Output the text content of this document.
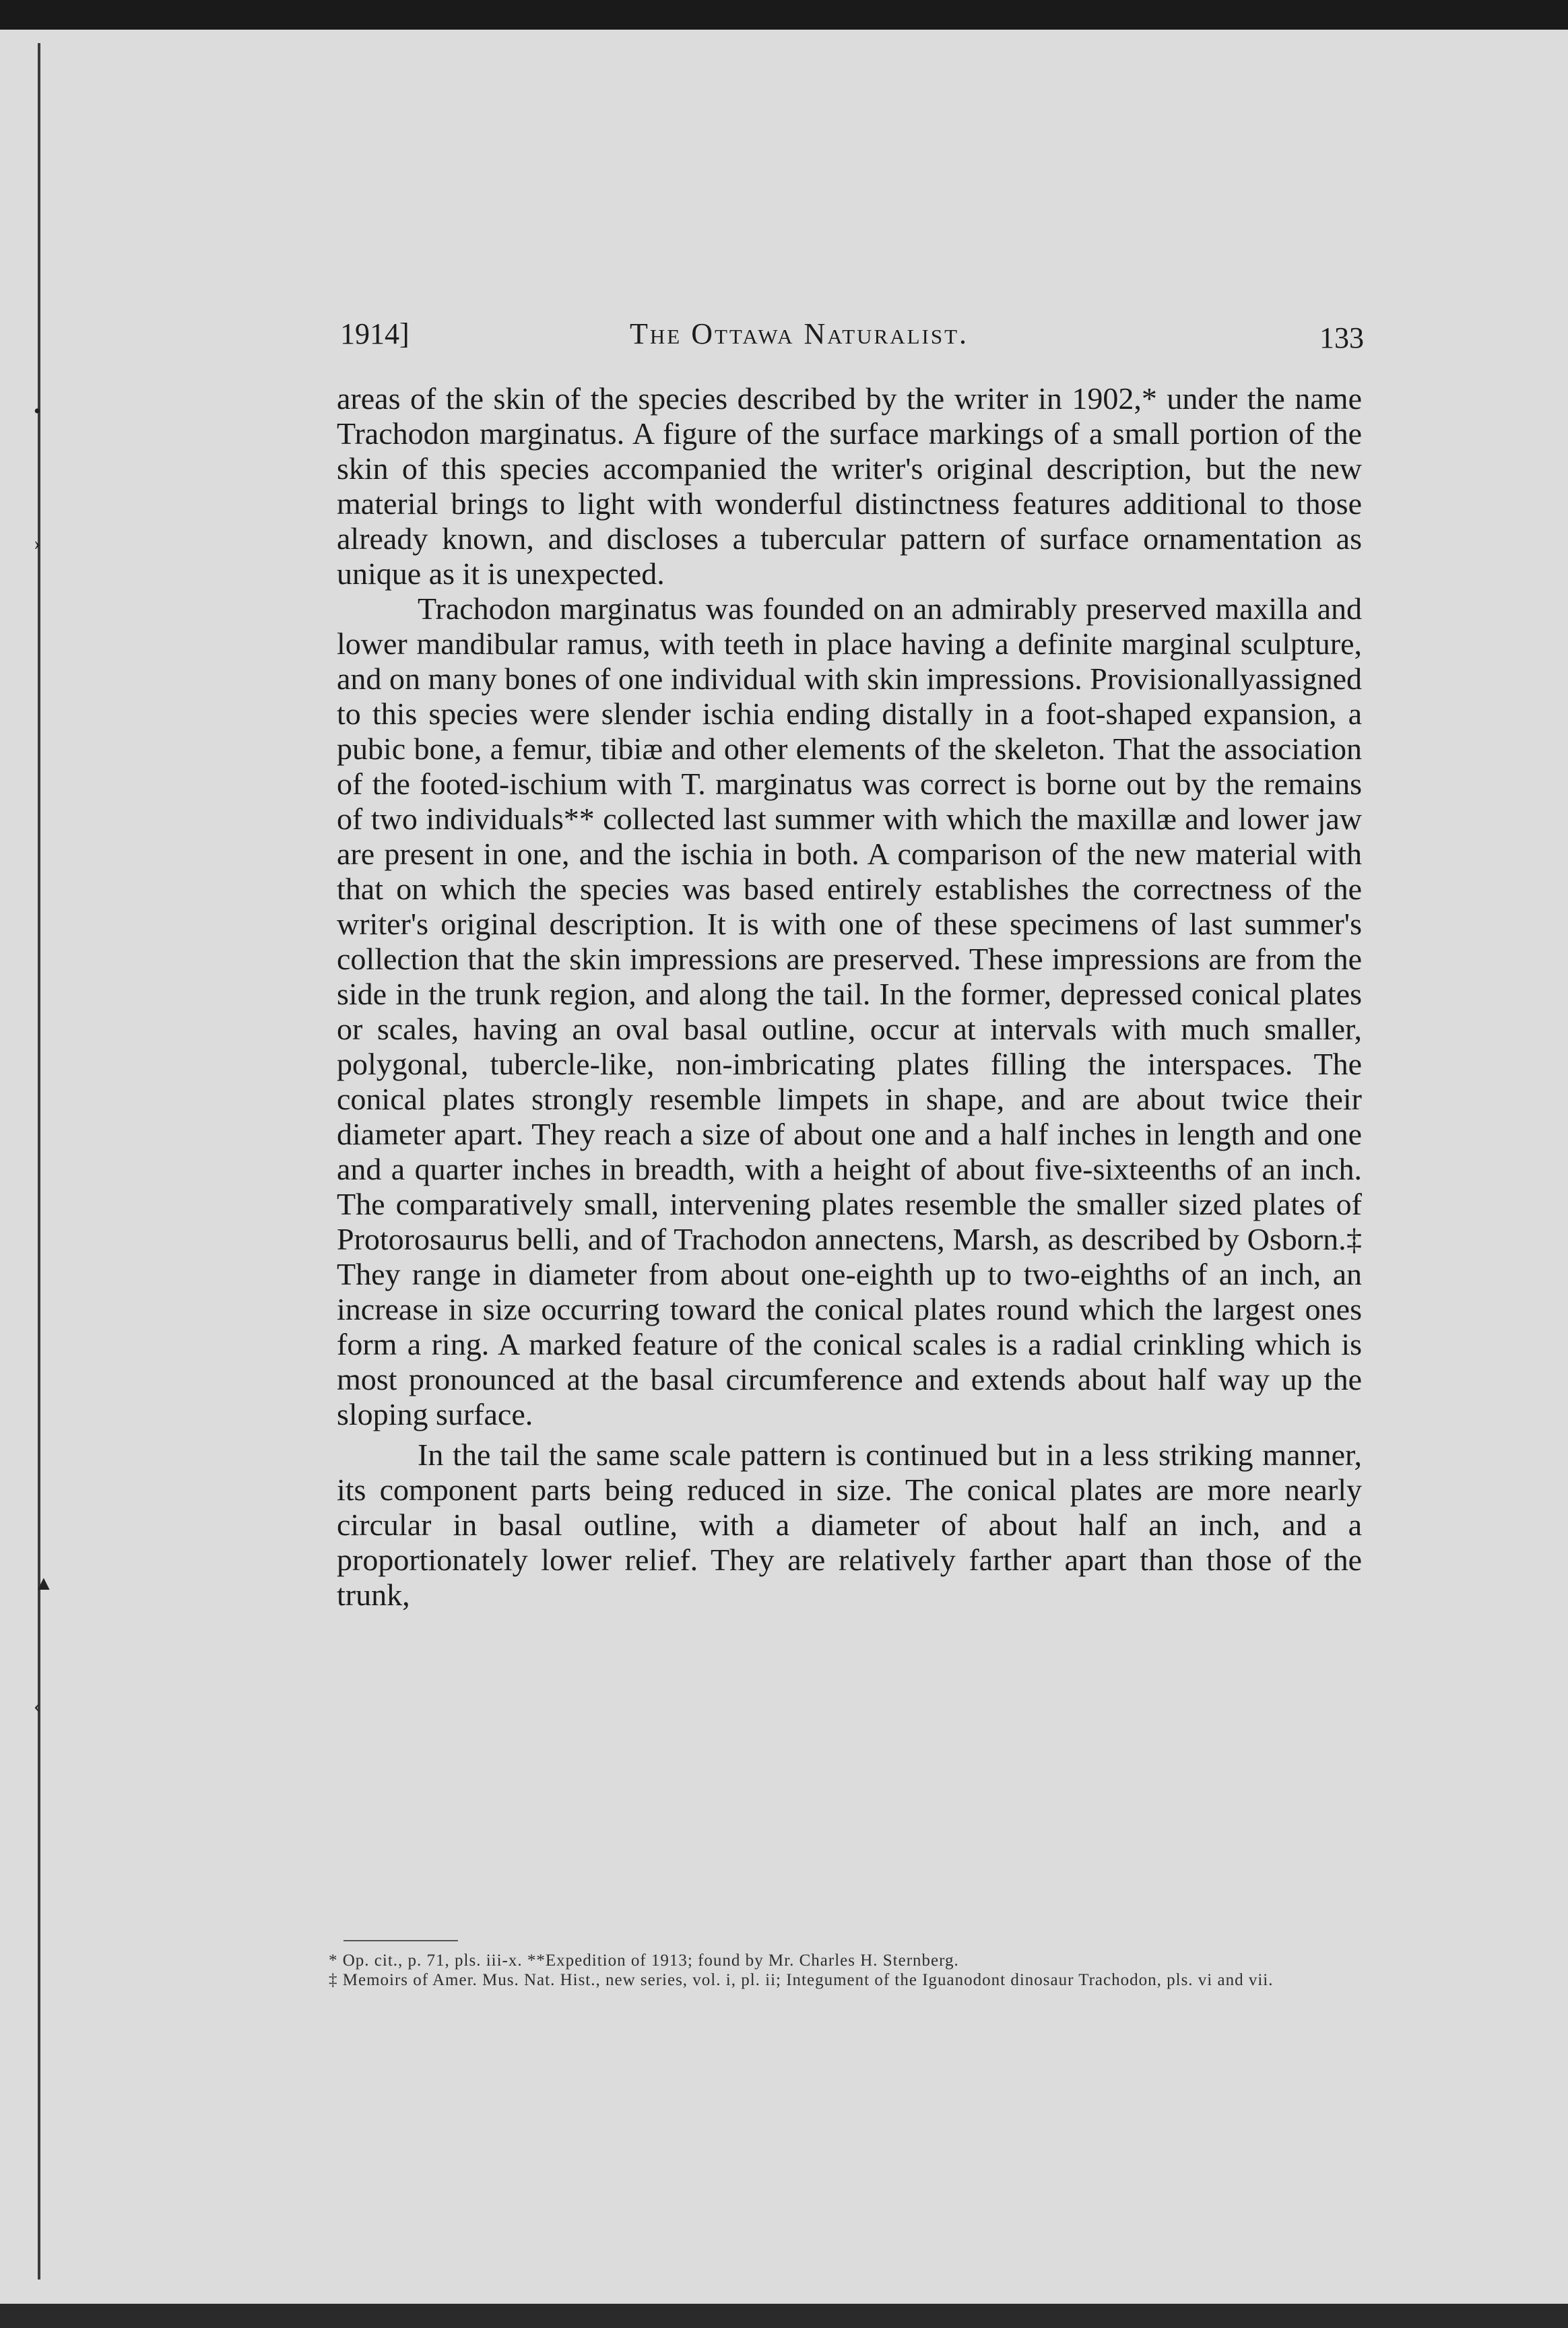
•
›
▲
‹
1914]	The Ottawa Naturalist.	133

areas of the skin of the species described by the writer in 1902,* under the name Trachodon marginatus. A figure of the surface markings of a small portion of the skin of this species accompanied the writer's original description, but the new material brings to light with wonderful distinctness features additional to those already known, and discloses a tubercular pattern of surface ornamentation as unique as it is unexpected.

Trachodon marginatus was founded on an admirably preserved maxilla and lower mandibular ramus, with teeth in place having a definite marginal sculpture, and on many bones of one individual with skin impressions. Provisionallyassigned to this species were slender ischia ending distally in a foot-shaped expansion, a pubic bone, a femur, tibiæ and other elements of the skeleton. That the association of the footed-ischium with T. marginatus was correct is borne out by the remains of two individuals** collected last summer with which the maxillæ and lower jaw are present in one, and the ischia in both. A comparison of the new material with that on which the species was based entirely establishes the correctness of the writer's original description. It is with one of these specimens of last summer's collection that the skin impressions are preserved. These impressions are from the side in the trunk region, and along the tail. In the former, depressed conical plates or scales, having an oval basal outline, occur at intervals with much smaller, polygonal, tubercle-like, non-imbricating plates filling the interspaces. The conical plates strongly resemble limpets in shape, and are about twice their diameter apart. They reach a size of about one and a half inches in length and one and a quarter inches in breadth, with a height of about five-sixteenths of an inch. The comparatively small, intervening plates resemble the smaller sized plates of Protorosaurus belli, and of Trachodon annectens, Marsh, as described by Osborn.‡ They range in diameter from about one-eighth up to two-eighths of an inch, an increase in size occurring toward the conical plates round which the largest ones form a ring. A marked feature of the conical scales is a radial crinkling which is most pronounced at the basal circumference and extends about half way up the sloping surface.

In the tail the same scale pattern is continued but in a less striking manner, its component parts being reduced in size. The conical plates are more nearly circular in basal outline, with a diameter of about half an inch, and a proportionately lower relief. They are relatively farther apart than those of the trunk,

* Op. cit., p. 71, pls. iii-x. **Expedition of 1913; found by Mr. Charles H. Sternberg.

‡ Memoirs of Amer. Mus. Nat. Hist., new series, vol. i, pl. ii; Integument of the Iguanodont dinosaur Trachodon, pls. vi and vii.
